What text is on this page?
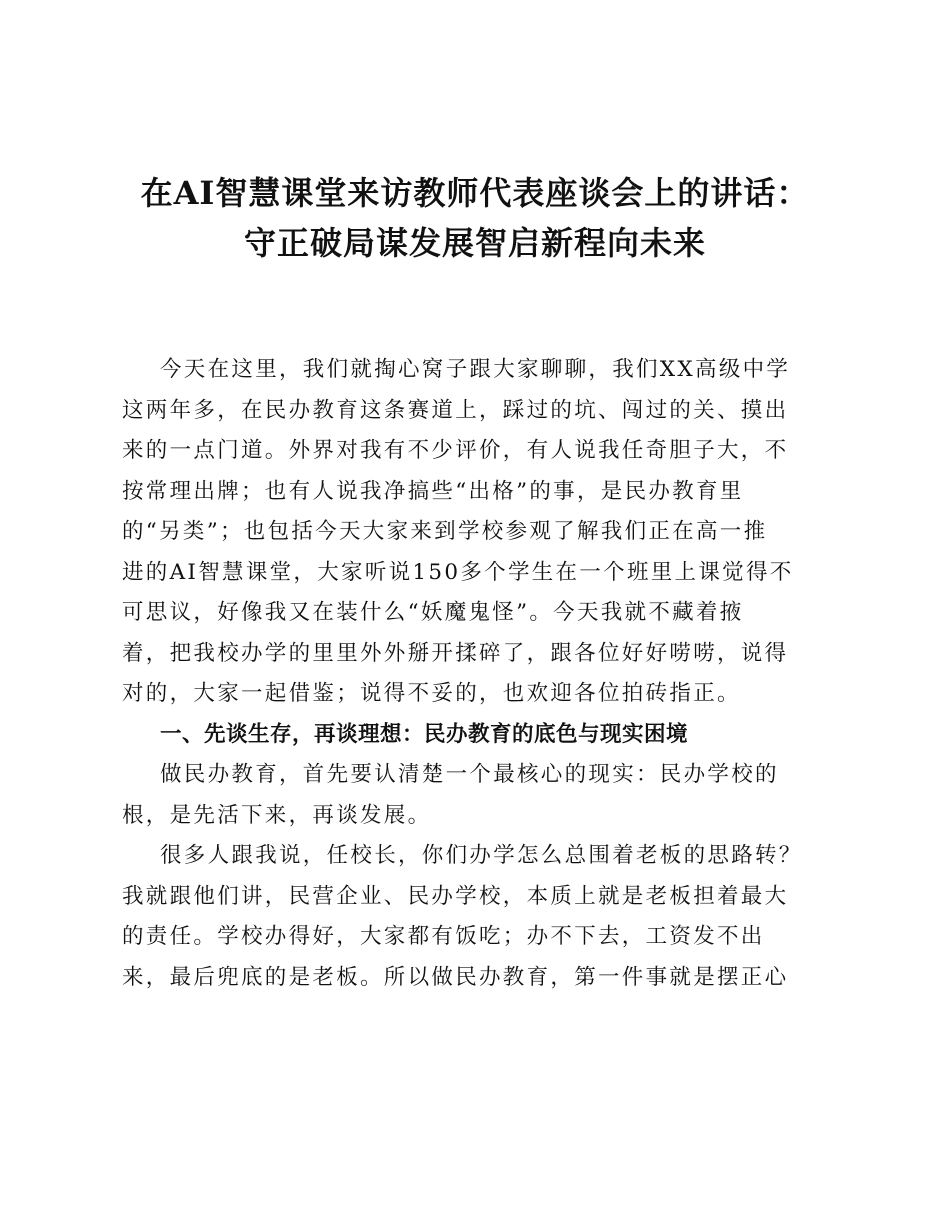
在AI智慧课堂来访教师代表座谈会上的讲话：
守正破局谋发展智启新程向未来
今天在这里，我们就掏心窝子跟大家聊聊，我们XX高级中学
这两年多，在民办教育这条赛道上，踩过的坑、闯过的关、摸出
来的一点门道。外界对我有不少评价，有人说我任奇胆子大，不
按常理出牌；也有人说我净搞些“出格”的事，是民办教育里
的“另类”；也包括今天大家来到学校参观了解我们正在高一推
进的AI智慧课堂，大家听说150多个学生在一个班里上课觉得不
可思议，好像我又在装什么“妖魔鬼怪”。今天我就不藏着掖
着，把我校办学的里里外外掰开揉碎了，跟各位好好唠唠，说得
对的，大家一起借鉴；说得不妥的，也欢迎各位拍砖指正。
一、先谈生存，再谈理想：民办教育的底色与现实困境
做民办教育，首先要认清楚一个最核心的现实：民办学校的
根，是先活下来，再谈发展。
很多人跟我说，任校长，你们办学怎么总围着老板的思路转？
我就跟他们讲，民营企业、民办学校，本质上就是老板担着最大
的责任。学校办得好，大家都有饭吃；办不下去，工资发不出
来，最后兜底的是老板。所以做民办教育，第一件事就是摆正心
